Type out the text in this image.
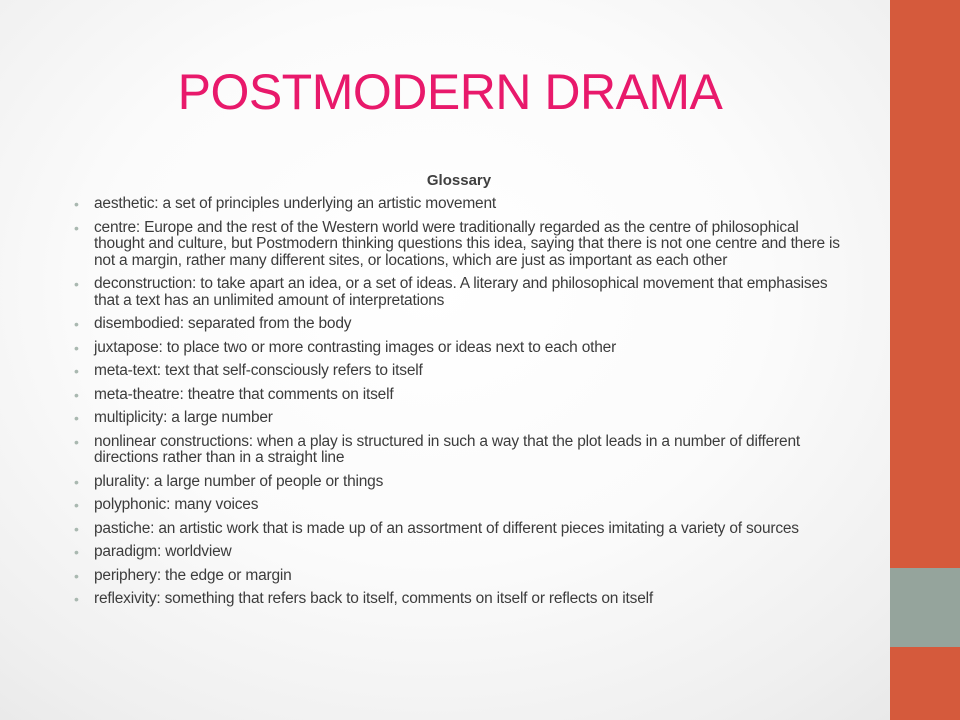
POSTMODERN DRAMA
Glossary
• aesthetic: a set of principles underlying an artistic movement
• centre: Europe and the rest of the Western world were traditionally regarded as the centre of philosophical thought and culture, but Postmodern thinking questions this idea, saying that there is not one centre and there is not a margin, rather many different sites, or locations, which are just as important as each other
• deconstruction: to take apart an idea, or a set of ideas. A literary and philosophical movement that emphasises that a text has an unlimited amount of interpretations
• disembodied: separated from the body
• juxtapose: to place two or more contrasting images or ideas next to each other
• meta-text: text that self-consciously refers to itself
• meta-theatre: theatre that comments on itself
• multiplicity: a large number
• nonlinear constructions: when a play is structured in such a way that the plot leads in a number of different directions rather than in a straight line
• plurality: a large number of people or things
• polyphonic: many voices
• pastiche: an artistic work that is made up of an assortment of different pieces imitating a variety of sources
• paradigm: worldview
• periphery: the edge or margin
• reflexivity: something that refers back to itself, comments on itself or reflects on itself
